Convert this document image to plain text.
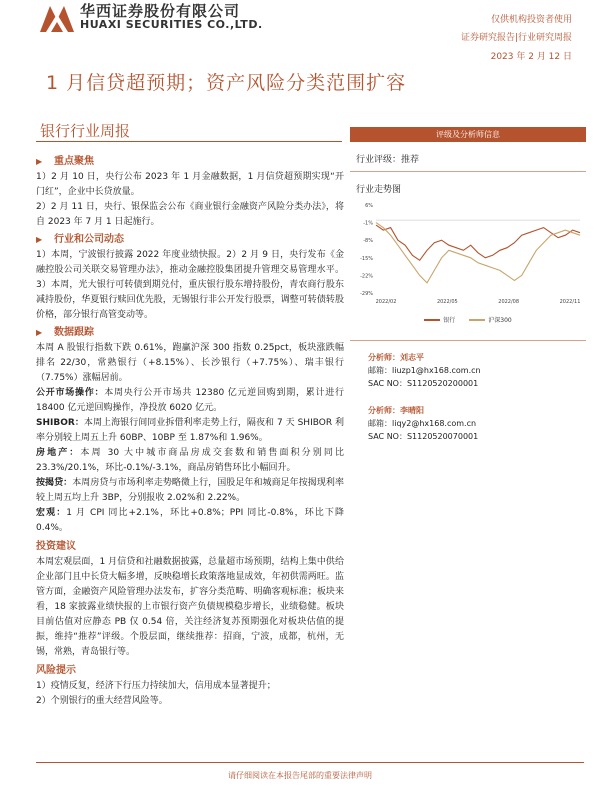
华西证券股份有限公司
HUAXI SECURITIES CO.,LTD.	仅供机构投资者使用
证券研究报告|行业研究周报
2023 年 2 月 12 日
1 月信贷超预期；资产风险分类范围扩容
银行行业周报
▶	重点聚焦
1）2 月 10 日，央行公布 2023 年 1 月金融数据，1 月信贷超预期实现“开门红”，企业中长贷放量。
2）2 月 11 日，央行、银保监会公布《商业银行金融资产风险分类办法》，将自 2023 年 7 月 1 日起施行。
▶	行业和公司动态
1）本周，宁波银行披露 2022 年度业绩快报。2）2 月 9 日，央行发布《金融控股公司关联交易管理办法》，推动金融控股集团提升管理交易管理水平。3）本周，光大银行可转债到期兑付，重庆银行股东增持股份，青农商行股东减持股份，华夏银行赎回优先股，无锡银行非公开发行股票，调整可转债转股价格，部分银行高管变动等。
▶	数据跟踪
本周 A 股银行指数下跌 0.61%，跑赢沪深 300 指数 0.25pct，板块涨跌幅排名 22/30，常熟银行（+8.15%）、长沙银行（+7.75%）、瑞丰银行（7.75%）涨幅居前。
公开市场操作：本周央行公开市场共 12380 亿元逆回购到期，累计进行 18400 亿元逆回购操作，净投放 6020 亿元。
SHIBOR：本周上海银行间同业拆借利率走势上行，隔夜和 7 天 SHIBOR 利率分别较上周五上升 60BP、10BP 至 1.87%和 1.96%。
房地产：本周 30 大中城市商品房成交套数和销售面积分别同比 23.3%/20.1%，环比-0.1%/-3.1%，商品房销售环比小幅回升。
按揭贷：本周房贷与市场利率走势略微上行，国股足年和城商足年按揭现利率较上周五均上升 3BP，分别报收 2.02%和 2.22%。
宏观：1 月 CPI 同比+2.1%，环比+0.8%；PPI 同比-0.8%，环比下降 0.4%。
投资建议
本周宏观层面，1 月信贷和社融数据披露，总量超市场预期，结构上集中供给企业部门且中长贷大幅多增，反映稳增长政策落地显成效，年初供需两旺。监管方面，金融资产风险管理办法发布，扩容分类范畴、明确客观标准；板块来看，18 家披露业绩快报的上市银行资产负债规模稳步增长，业绩稳健。板块目前估值对应静态 PB 仅 0.54 倍，关注经济复苏预期强化对板块估值的提振，维持“推荐”评级。个股层面，继续推荐：招商，宁波，成都，杭州，无锡，常熟，青岛银行等。
风险提示
1）疫情反复，经济下行压力持续加大，信用成本显著提升；
2）个别银行的重大经营风险等。
评级及分析师信息
行业评级：推荐
行业走势图
6%
-1%
-8%
-15%
-22%
-29%
2022/02	2022/05	2022/08	2022/11
银行	沪深300
分析师：刘志平
邮箱：liuzp1@hx168.com.cn
SAC NO：S1120520200001
分析师：李晴阳
邮箱：liqy2@hx168.com.cn
SAC NO：S1120520070001
请仔细阅读在本报告尾部的重要法律声明
